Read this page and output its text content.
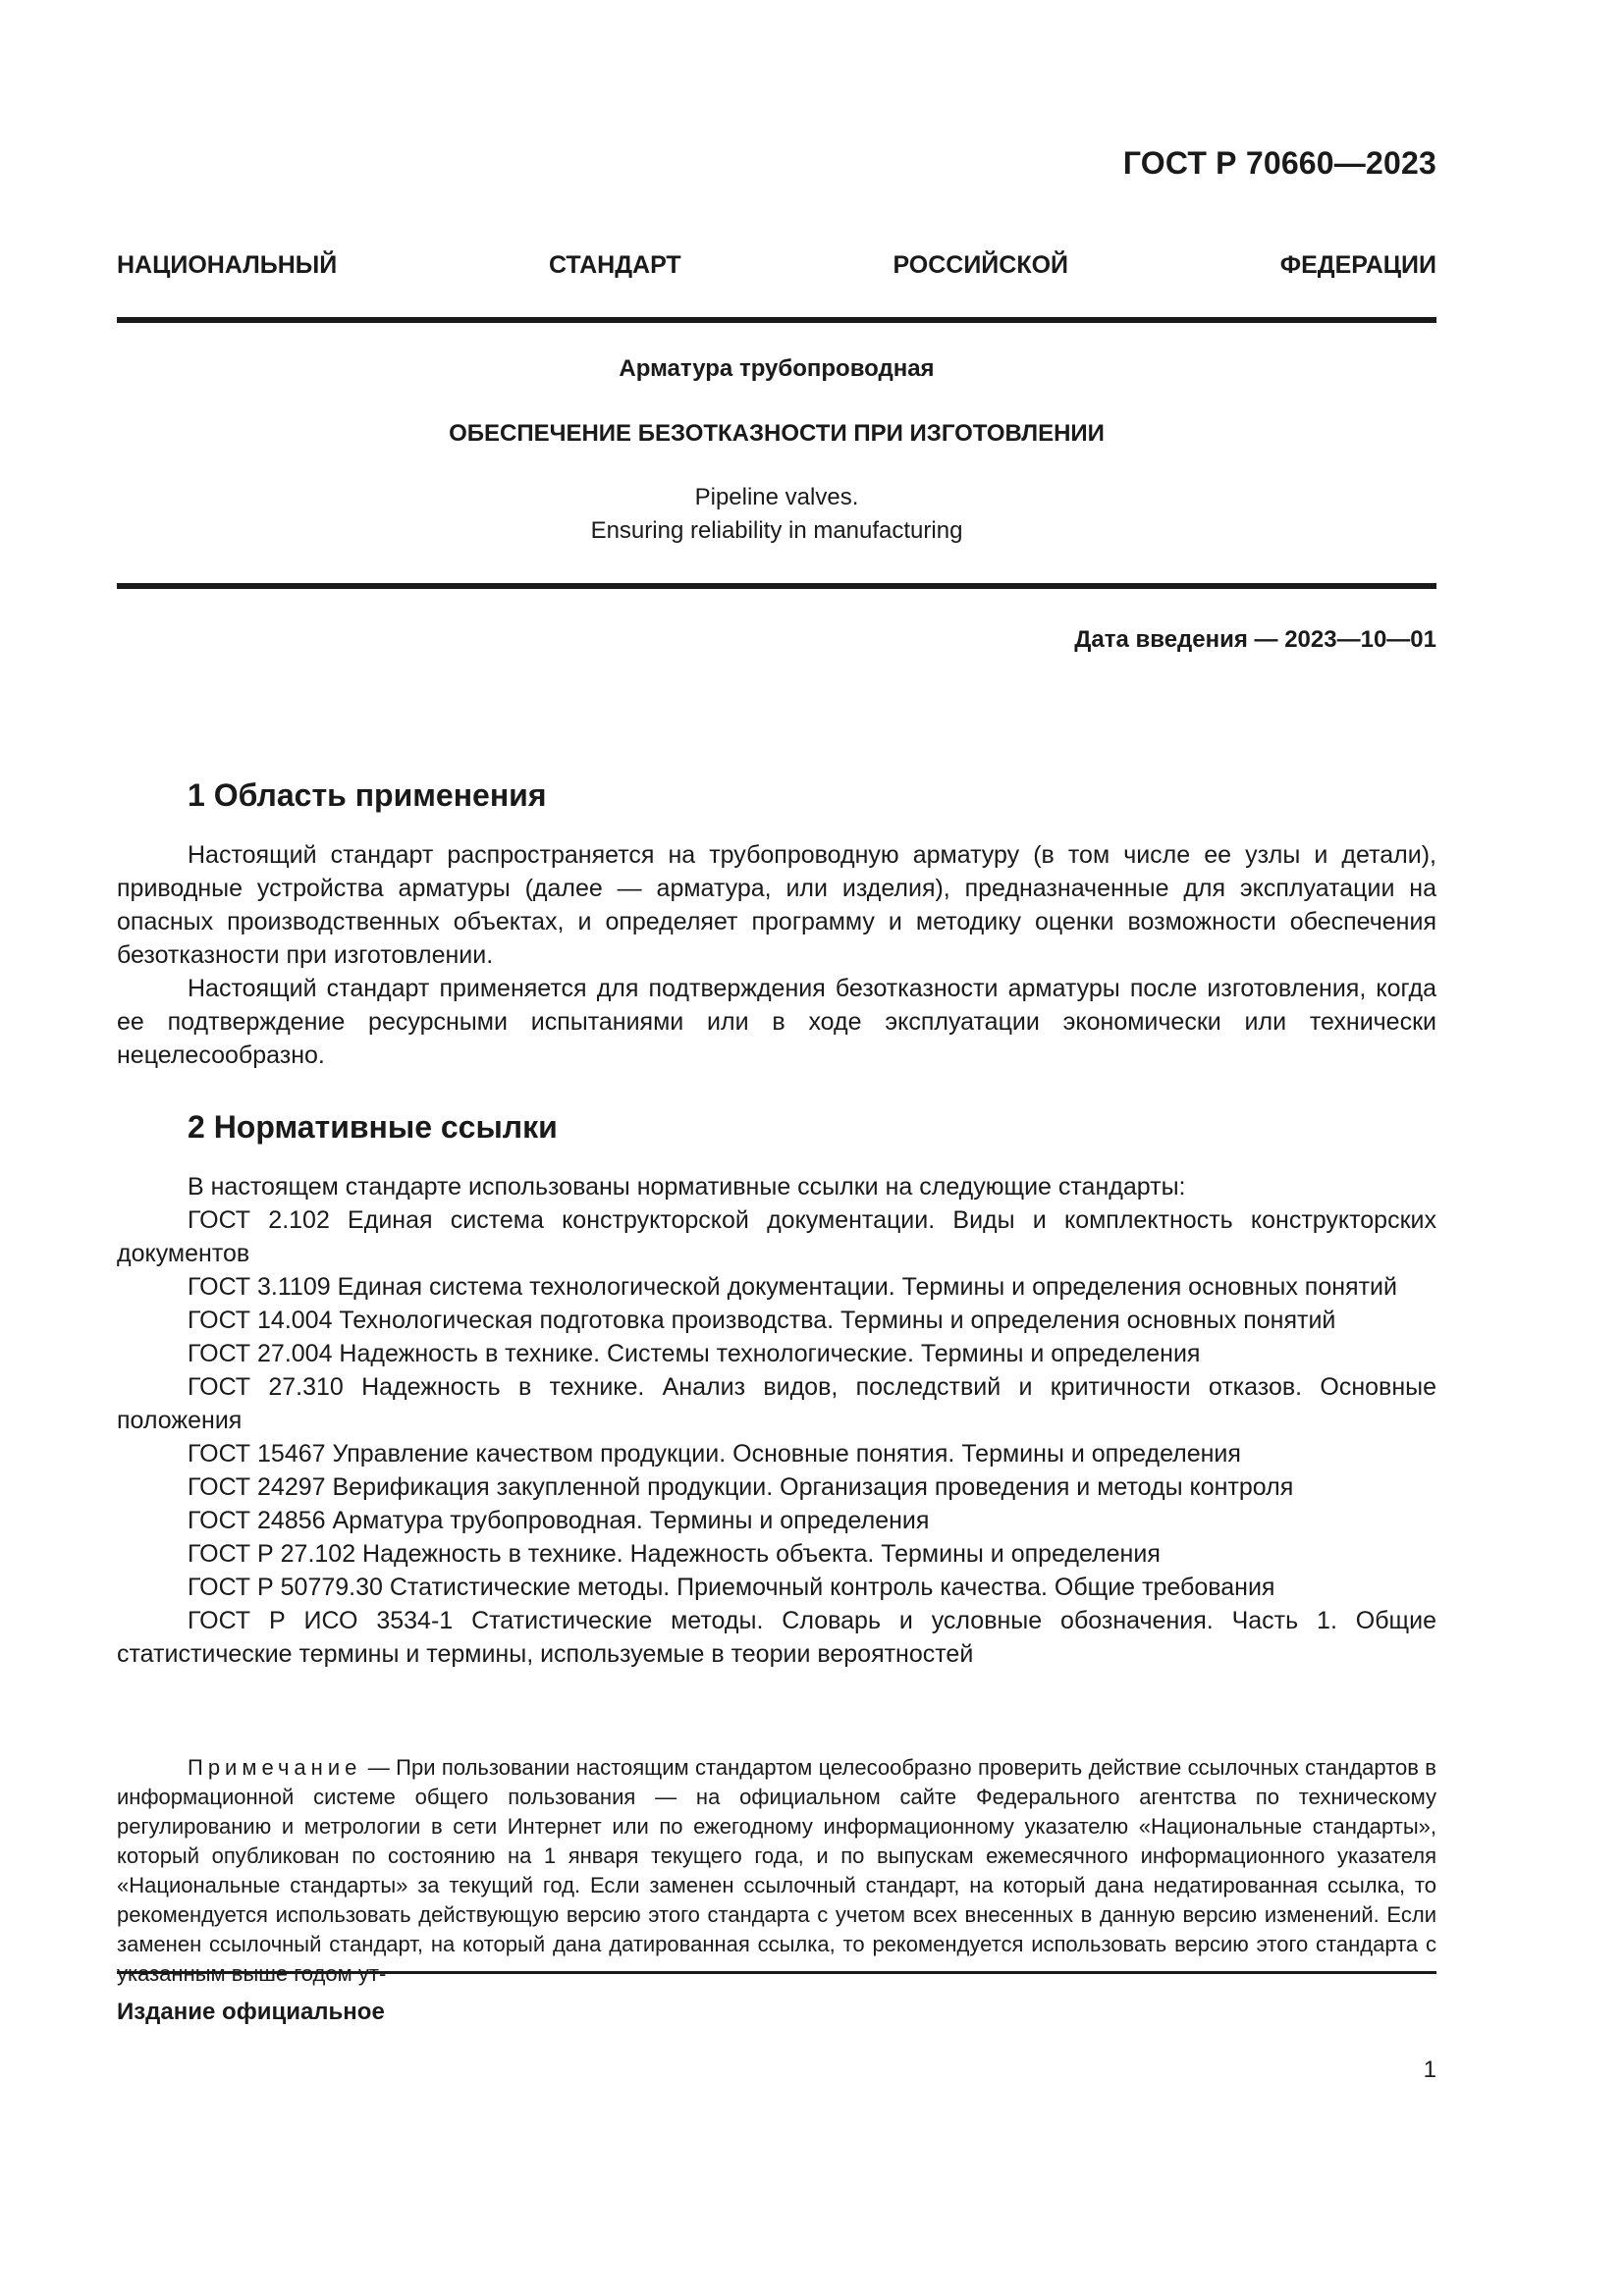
ГОСТ Р 70660—2023
НАЦИОНАЛЬНЫЙ СТАНДАРТ РОССИЙСКОЙ ФЕДЕРАЦИИ
Арматура трубопроводная
ОБЕСПЕЧЕНИЕ БЕЗОТКАЗНОСТИ ПРИ ИЗГОТОВЛЕНИИ
Pipeline valves.
Ensuring reliability in manufacturing
Дата введения — 2023—10—01
1 Область применения

Настоящий стандарт распространяется на трубопроводную арматуру (в том числе ее узлы и детали), приводные устройства арматуры (далее — арматура, или изделия), предназначенные для эксплуатации на опасных производственных объектах, и определяет программу и методику оценки возможности обеспечения безотказности при изготовлении.

Настоящий стандарт применяется для подтверждения безотказности арматуры после изготовления, когда ее подтверждение ресурсными испытаниями или в ходе эксплуатации экономически или технически нецелесообразно.

2 Нормативные ссылки

В настоящем стандарте использованы нормативные ссылки на следующие стандарты:

ГОСТ 2.102 Единая система конструкторской документации. Виды и комплектность конструкторских документов

ГОСТ 3.1109 Единая система технологической документации. Термины и определения основных понятий

ГОСТ 14.004 Технологическая подготовка производства. Термины и определения основных понятий

ГОСТ 27.004 Надежность в технике. Системы технологические. Термины и определения

ГОСТ 27.310 Надежность в технике. Анализ видов, последствий и критичности отказов. Основные положения

ГОСТ 15467 Управление качеством продукции. Основные понятия. Термины и определения

ГОСТ 24297 Верификация закупленной продукции. Организация проведения и методы контроля

ГОСТ 24856 Арматура трубопроводная. Термины и определения

ГОСТ Р 27.102 Надежность в технике. Надежность объекта. Термины и определения

ГОСТ Р 50779.30 Статистические методы. Приемочный контроль качества. Общие требования

ГОСТ Р ИСО 3534-1 Статистические методы. Словарь и условные обозначения. Часть 1. Общие статистические термины и термины, используемые в теории вероятностей

Примечание — При пользовании настоящим стандартом целесообразно проверить действие ссылочных стандартов в информационной системе общего пользования — на официальном сайте Федерального агентства по техническому регулированию и метрологии в сети Интернет или по ежегодному информационному указателю «Национальные стандарты», который опубликован по состоянию на 1 января текущего года, и по выпускам ежемесячного информационного указателя «Национальные стандарты» за текущий год. Если заменен ссылочный стандарт, на который дана недатированная ссылка, то рекомендуется использовать действующую версию этого стандарта с учетом всех внесенных в данную версию изменений. Если заменен ссылочный стандарт, на который дана датированная ссылка, то рекомендуется использовать версию этого стандарта с

Издание официальное
1
